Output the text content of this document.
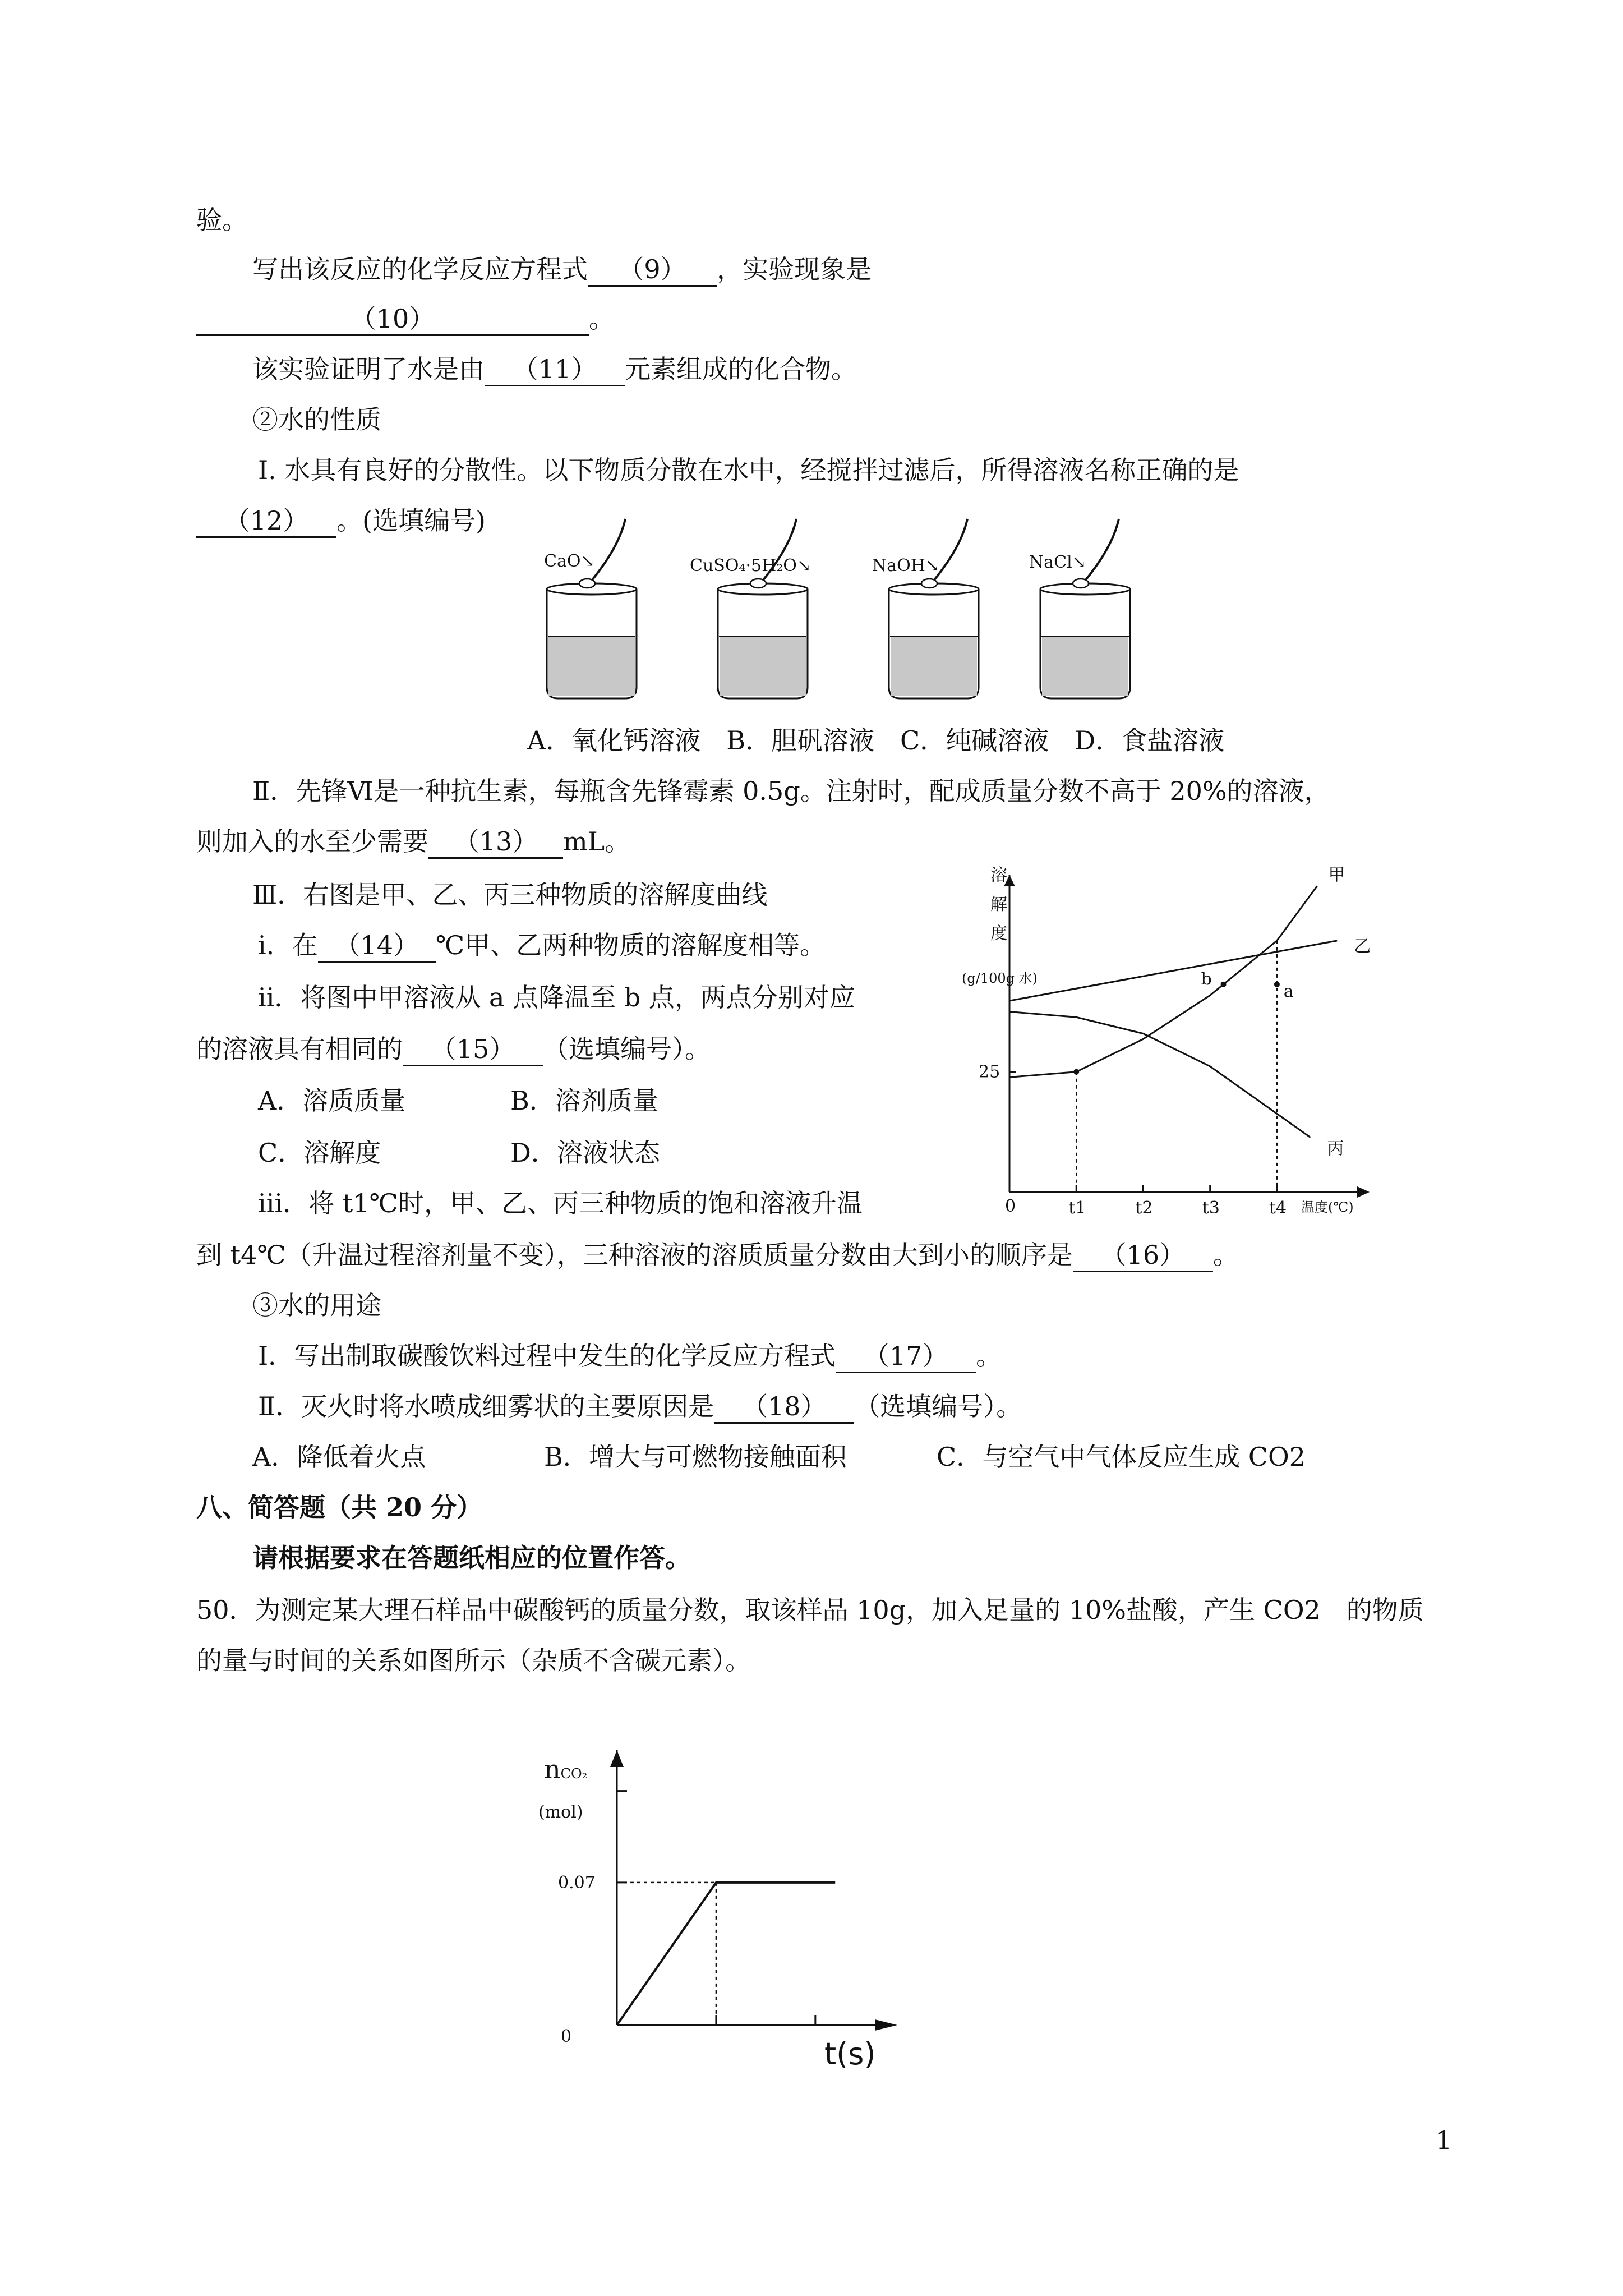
验。
写出该反应的化学反应方程式 （9） ，实验现象是
（10）	。
该实验证明了水是由 （11） 元素组成的化合物。
②水的性质
Ⅰ. 水具有良好的分散性。以下物质分散在水中，经搅拌过滤后，所得溶液名称正确的是
（12） 。(选填编号)
CaO↘	CuSO₄·5H₂O↘	NaOH↘	NaCl↘
A．氧化钙溶液　B．胆矾溶液　C．纯碱溶液　D．食盐溶液
Ⅱ．先锋Ⅵ是一种抗生素，每瓶含先锋霉素 0.5g。注射时，配成质量分数不高于 20%的溶液，
则加入的水至少需要 （13） mL。
Ⅲ．右图是甲、乙、丙三种物质的溶解度曲线
ⅰ．在 （14） ℃甲、乙两种物质的溶解度相等。
ⅱ．将图中甲溶液从 a 点降温至 b 点，两点分别对应
的溶液具有相同的 （15） （选填编号）。
A．溶质质量	B．溶剂质量
C．溶解度	D．溶液状态
ⅲ．将 t1℃时，甲、乙、丙三种物质的饱和溶液升温
到 t4℃（升温过程溶剂量不变），三种溶液的溶质质量分数由大到小的顺序是 （16） 。
溶
解
度
(g/100g 水)
温度(℃)
0	t1	t2	t3	t4
25
甲
乙
丙
a
b
③水的用途
Ⅰ．写出制取碳酸饮料过程中发生的化学反应方程式 （17） 。
Ⅱ．灭火时将水喷成细雾状的主要原因是 （18） （选填编号）。
A．降低着火点	B．增大与可燃物接触面积	C．与空气中气体反应生成 CO2
八、简答题（共 20 分）
请根据要求在答题纸相应的位置作答。
50．为测定某大理石样品中碳酸钙的质量分数，取该样品 10g，加入足量的 10%盐酸，产生 CO2　的物质
的量与时间的关系如图所示（杂质不含碳元素）。
nCO₂
(mol)
t(s)
0
0.07
1
